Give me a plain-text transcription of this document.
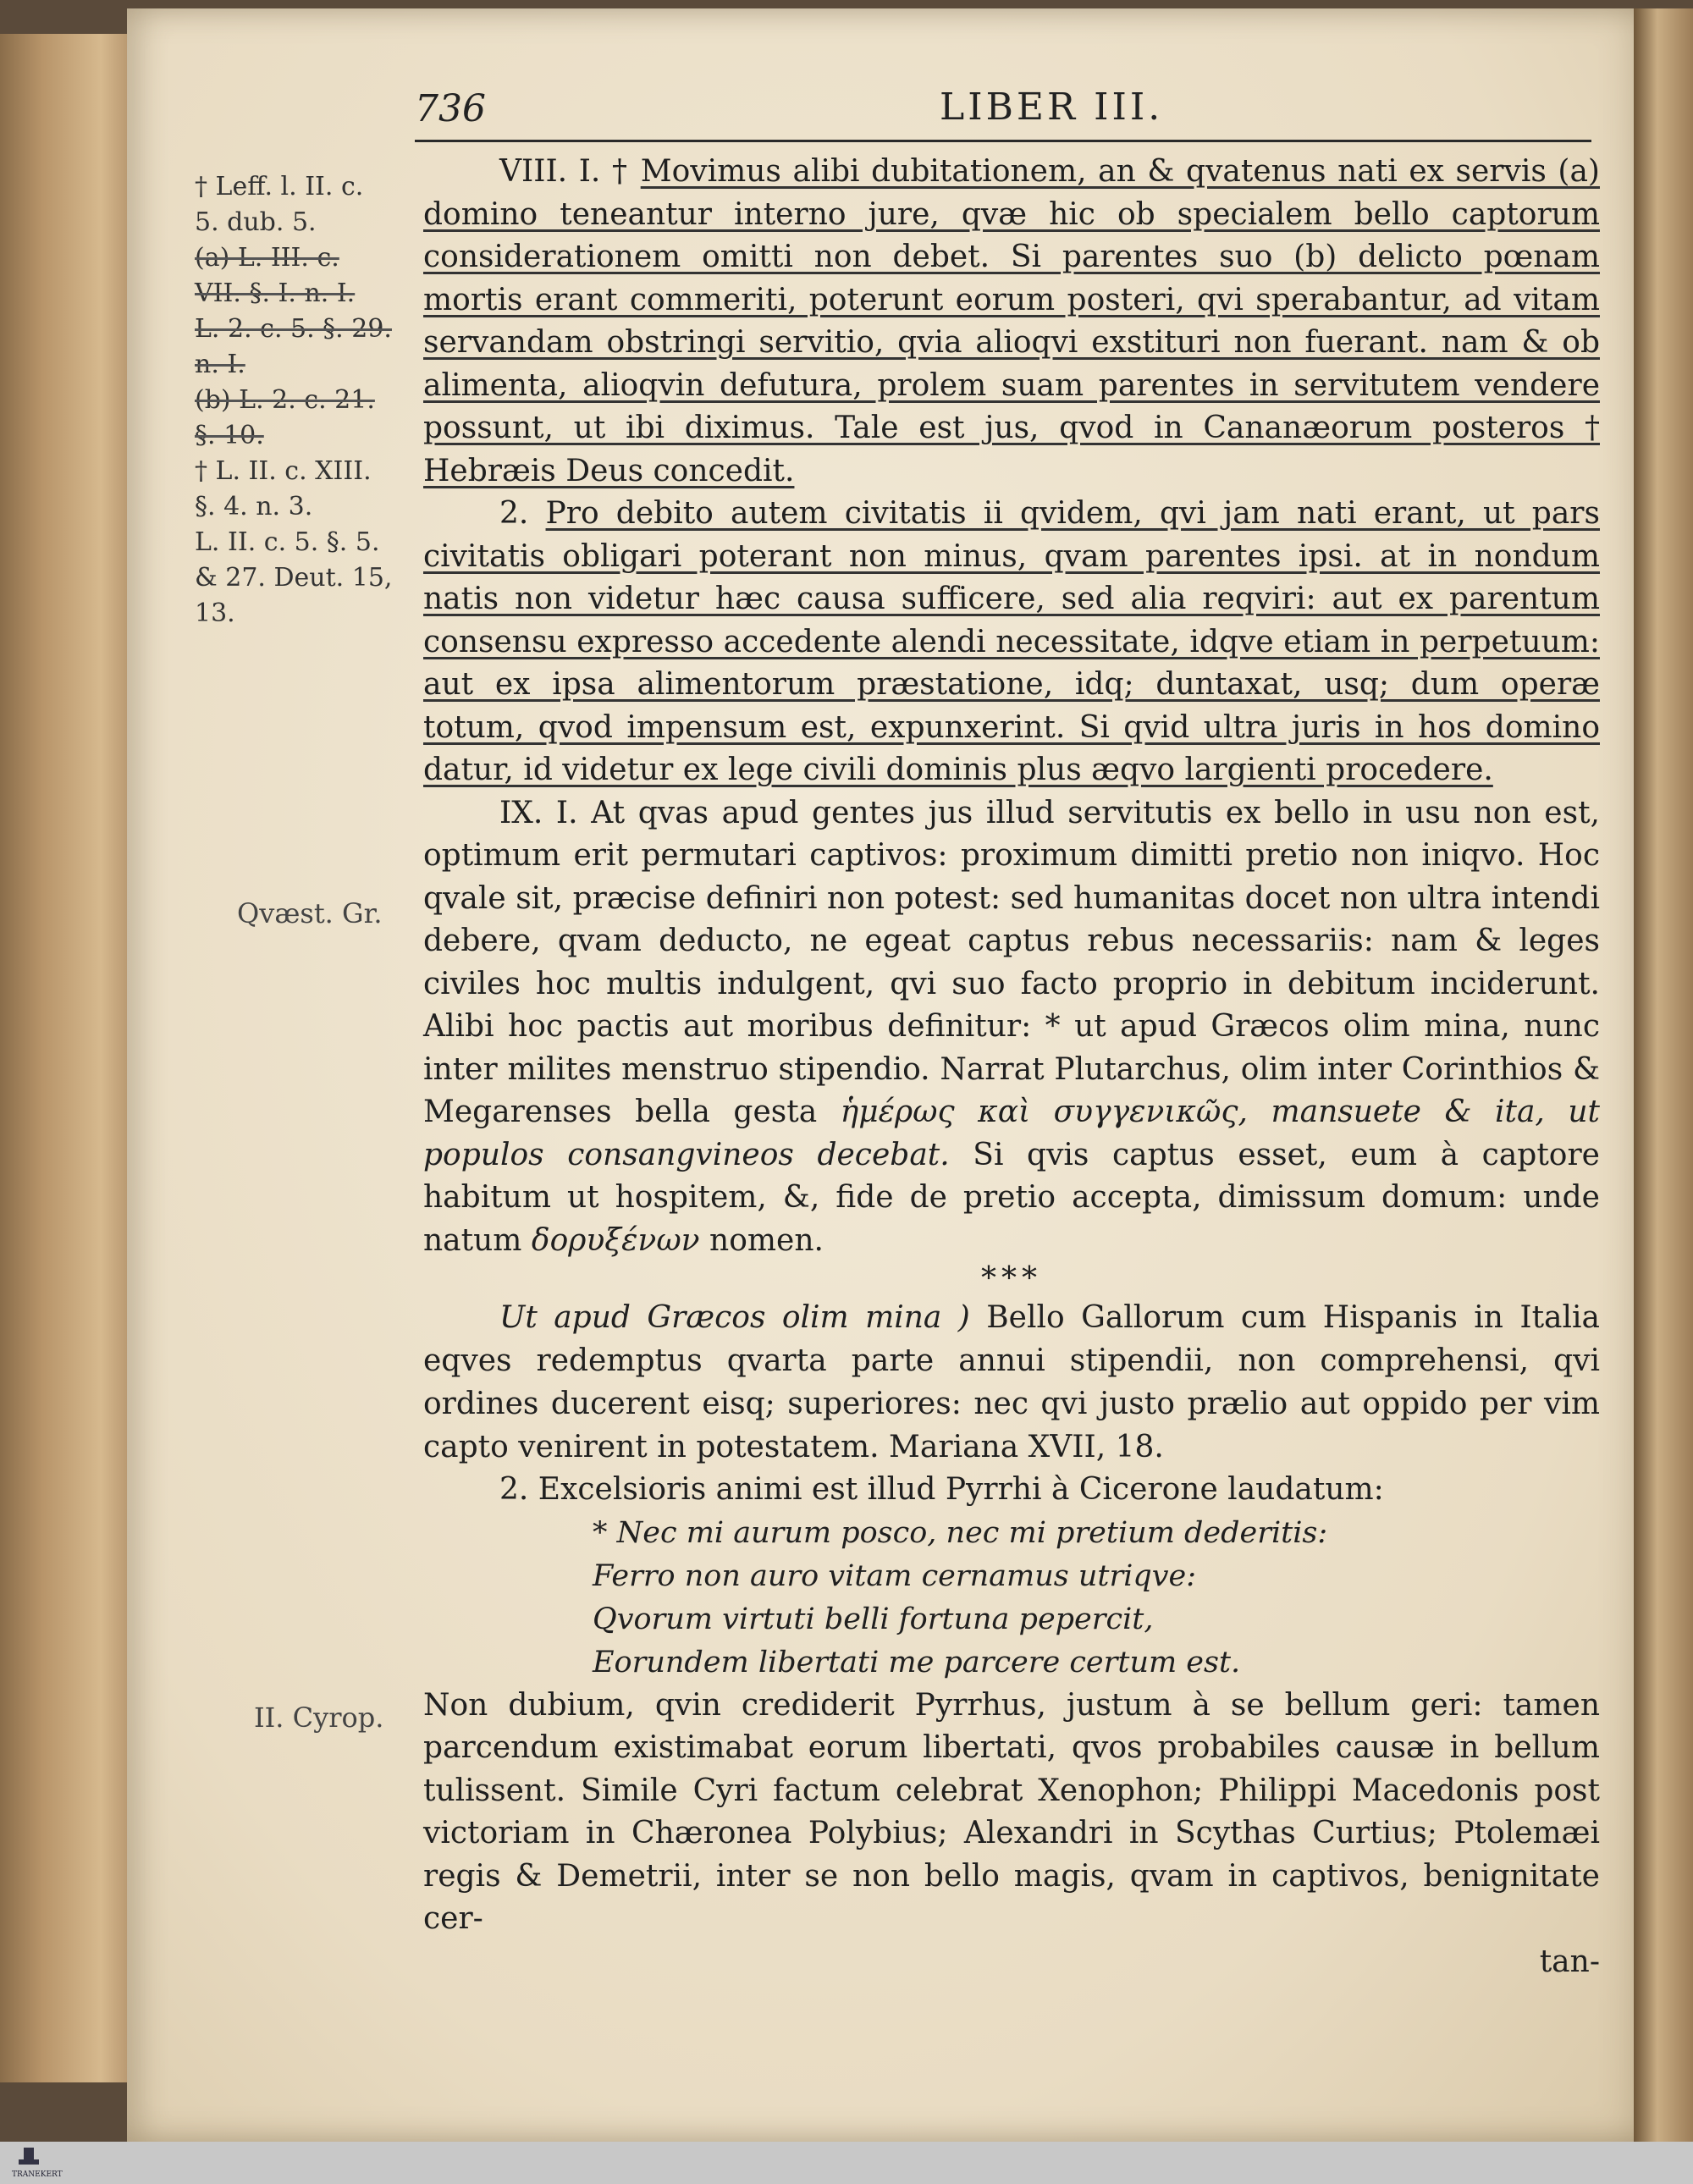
736	LIBER III.
† Leff. l. II. c.
5. dub. 5.
(a) L. III. c.
VII. §. I. n. I.
L. 2. c. 5. §. 29.
n. I.
(b) L. 2. c. 21.
§. 10.
† L. II. c. XIII.
§. 4. n. 3.
L. II. c. 5. §. 5.
& 27. Deut. 15,
13.
Qvæst. Gr.
II. Cyrop.

VIII. I. † Movimus alibi dubitationem, an & qvatenus nati ex servis (a) domino teneantur interno jure, qvæ hic ob specialem bello captorum considerationem omitti non debet. Si parentes suo (b) delicto pœnam mortis erant commeriti, poterunt eorum posteri, qvi sperabantur, ad vitam servandam obstringi servitio, qvia alioqvi exstituri non fuerant. nam & ob alimenta, alioqvin defutura, prolem suam parentes in servitutem vendere possunt, ut ibi diximus. Tale est jus, qvod in Cananæorum posteros † Hebræis Deus concedit.

2. Pro debito autem civitatis ii qvidem, qvi jam nati erant, ut pars civitatis obligari poterant non minus, qvam parentes ipsi. at in nondum natis non videtur hæc causa sufficere, sed alia reqviri: aut ex parentum consensu expresso accedente alendi necessitate, idqve etiam in perpetuum: aut ex ipsa alimentorum præstatione, idq; duntaxat, usq; dum operæ totum, qvod impensum est, expunxerint. Si qvid ultra juris in hos domino datur, id videtur ex lege civili dominis plus æqvo largienti procedere.

IX. I. At qvas apud gentes jus illud servitutis ex bello in usu non est, optimum erit permutari captivos: proximum dimitti pretio non iniqvo. Hoc qvale sit, præcise definiri non potest: sed humanitas docet non ultra intendi debere, qvam deducto, ne egeat captus rebus necessariis: nam & leges civiles hoc multis indulgent, qvi suo facto proprio in debitum inciderunt. Alibi hoc pactis aut moribus definitur: * ut apud Græcos olim mina, nunc inter milites menstruo stipendio. Narrat Plutarchus, olim inter Corinthios & Megarenses bella gesta ἡμέρως καὶ συγγενικῶς, mansuete & ita, ut populos consangvineos decebat. Si qvis captus esset, eum à captore habitum ut hospitem, &, fide de pretio accepta, dimissum domum: unde natum δορυξένων nomen.

***

Ut apud Græcos olim mina ) Bello Gallorum cum Hispanis in Italia eqves redemptus qvarta parte annui stipendii, non comprehensi, qvi ordines ducerent eisq; superiores: nec qvi justo prælio aut oppido per vim capto venirent in potestatem. Mariana XVII, 18.

2. Excelsioris animi est illud Pyrrhi à Cicerone laudatum:

* Nec mi aurum posco, nec mi pretium dederitis:
Ferro non auro vitam cernamus utriqve:
Qvorum virtuti belli fortuna pepercit,
Eorundem libertati me parcere certum est.

Non dubium, qvin crediderit Pyrrhus, justum à se bellum geri: tamen parcendum existimabat eorum libertati, qvos probabiles causæ in bellum tulissent. Simile Cyri factum celebrat Xenophon; Philippi Macedonis post victoriam in Chæronea Polybius; Alexandri in Scythas Curtius; Ptolemæi regis & Demetrii, inter se non bello magis, qvam in captivos, benignitate cer-

tan-
TRANEKERT
